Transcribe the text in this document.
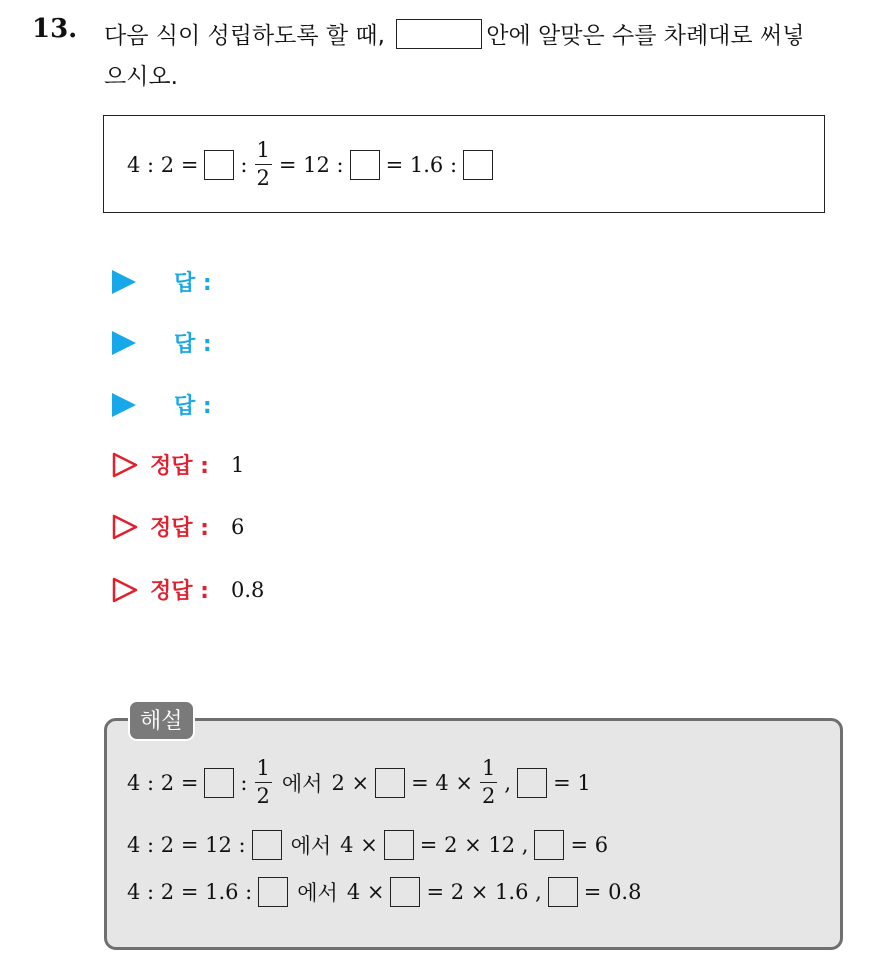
13. 다음 식이 성립하도록 할 때,	안에 알맞은 수를 차례대로 써넣
으시오.
4 : 2 = : $\frac{1}{2} = 12$ : = 1.6 :
답 :
답 :
답 :
정답 : 1
정답 : 6
정답 : 0.8
해설
4 : 2 = : $\frac{1}{2}$ 에서 2 × = $4 \times \frac{1}{2}$ , = 1
4 : 2 = 12 : 에서 4 × = 2 × 12 , = 6
4 : 2 = 1.6 : 에서 4 × = 2 × 1.6 , = 0.8
